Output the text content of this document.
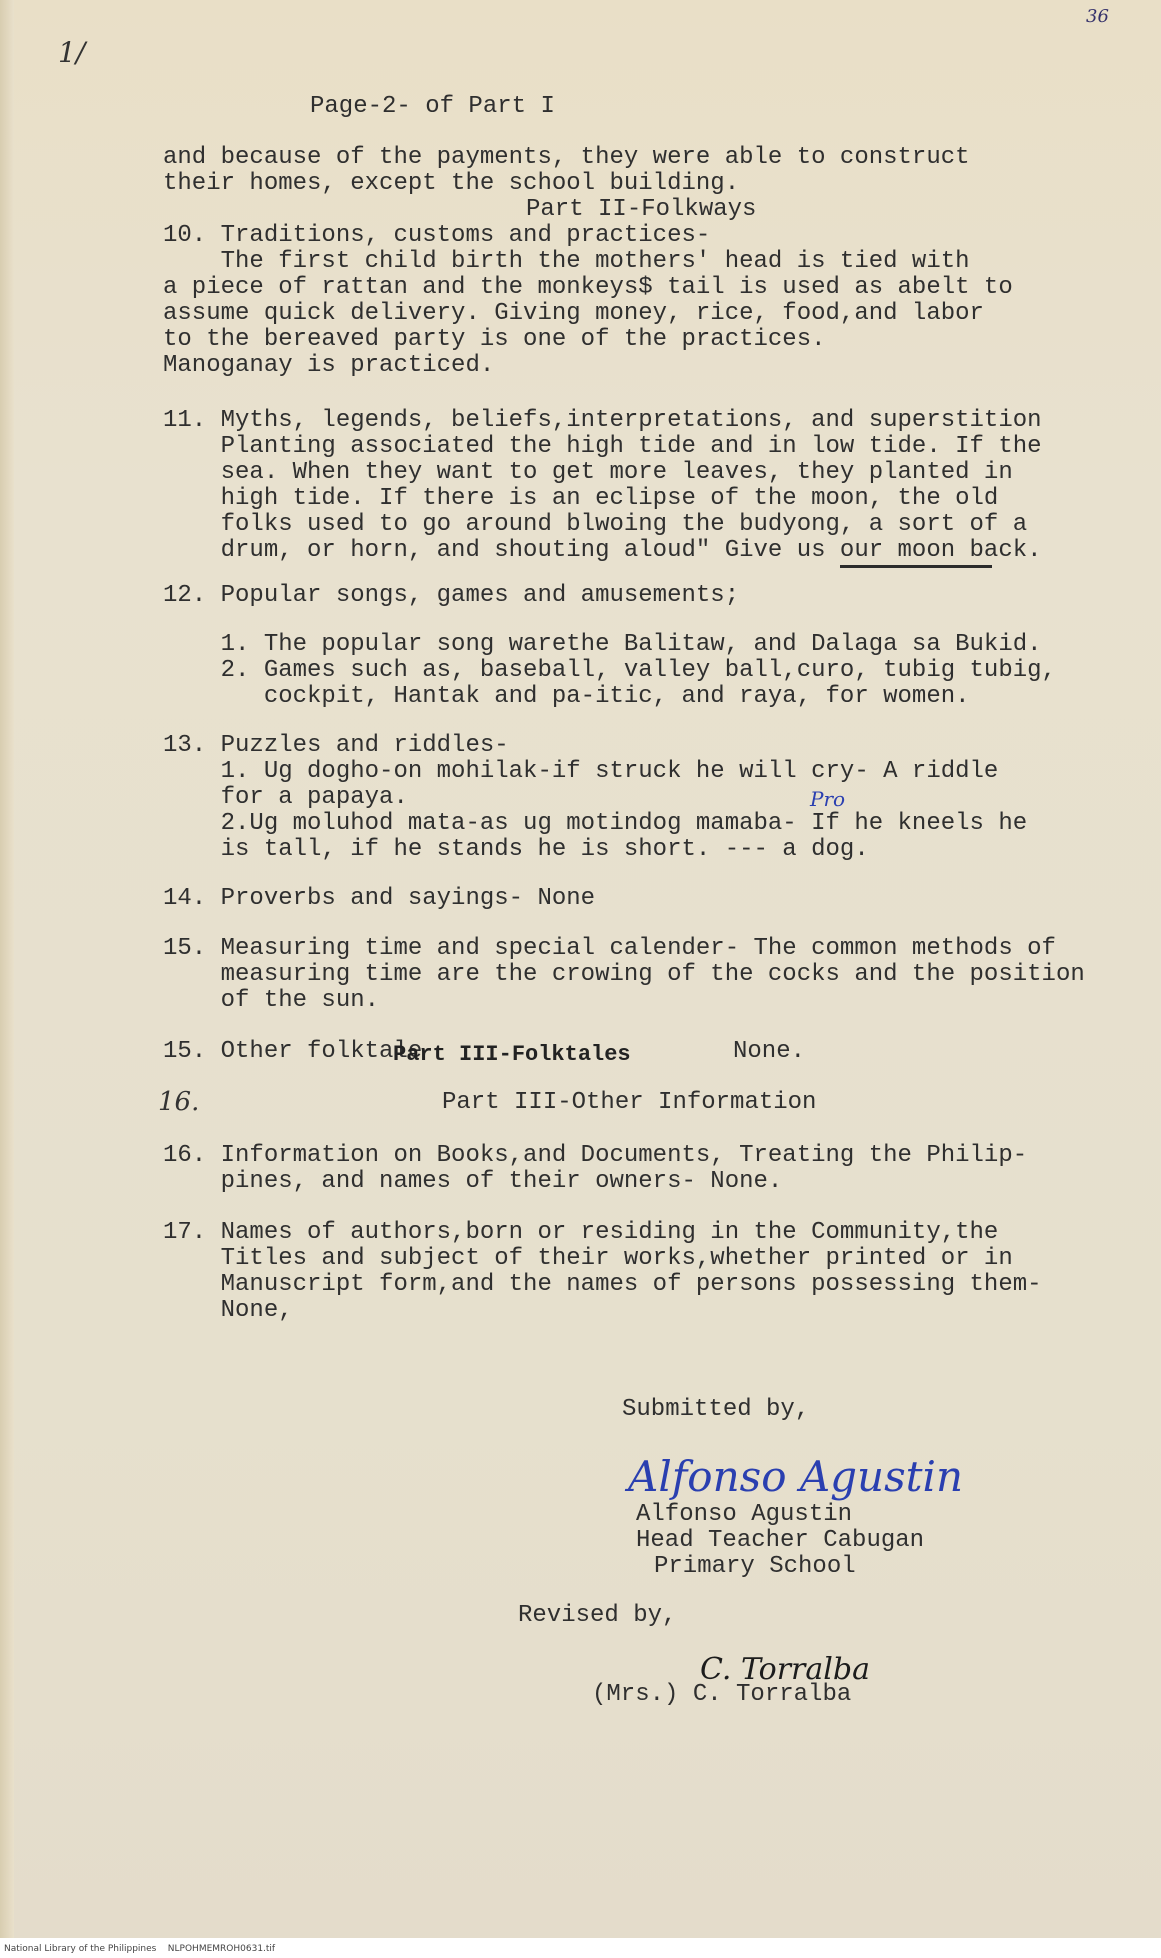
36
1/
Page-2- of Part I
and because of the payments, they were able to construct
their homes, except the school building.
Part II-Folkways
10. Traditions, customs and practices-
The first child birth the mothers' head is tied with
a piece of rattan and the monkeys$ tail is used as abelt to
assume quick delivery. Giving money, rice, food,and labor
to the bereaved party is one of the practices.
Manoganay is practiced.
11. Myths, legends, beliefs,interpretations, and superstition
Planting associated the high tide and in low tide. If the
sea. When they want to get more leaves, they planted in
high tide. If there is an eclipse of the moon, the old
folks used to go around blwoing the budyong, a sort of a
drum, or horn, and shouting aloud" Give us our moon back.
12. Popular songs, games and amusements;
1. The popular song warethe Balitaw, and Dalaga sa Bukid.
2. Games such as, baseball, valley ball,curo, tubig tubig,
cockpit, Hantak and pa-itic, and raya, for women.
13. Puzzles and riddles-
1. Ug dogho-on mohilak-if struck he will cry- A riddle
for a papaya.	Pro
2.Ug moluhod mata-as ug motindog mamaba- If he kneels he
is tall, if he stands he is short. --- a dog.
14. Proverbs and sayings- None
15. Measuring time and special calender- The common methods of
measuring time are the crowing of the cocks and the position
of the sun.
15. Other folktale
Part III-Folktales	None.
16.	Part III-Other Information
16. Information on Books,and Documents, Treating the Philip-
pines, and names of their owners- None.
17. Names of authors,born or residing in the Community,the
Titles and subject of their works,whether printed or in
Manuscript form,and the names of persons possessing them-
None,
Submitted by,
Alfonso Agustin
Alfonso Agustin
Head Teacher Cabugan
Primary School
Revised by,
C. Torralba
(Mrs.) C. Torralba
National Library of the Philippines    NLPOHMEMROH0631.tif
